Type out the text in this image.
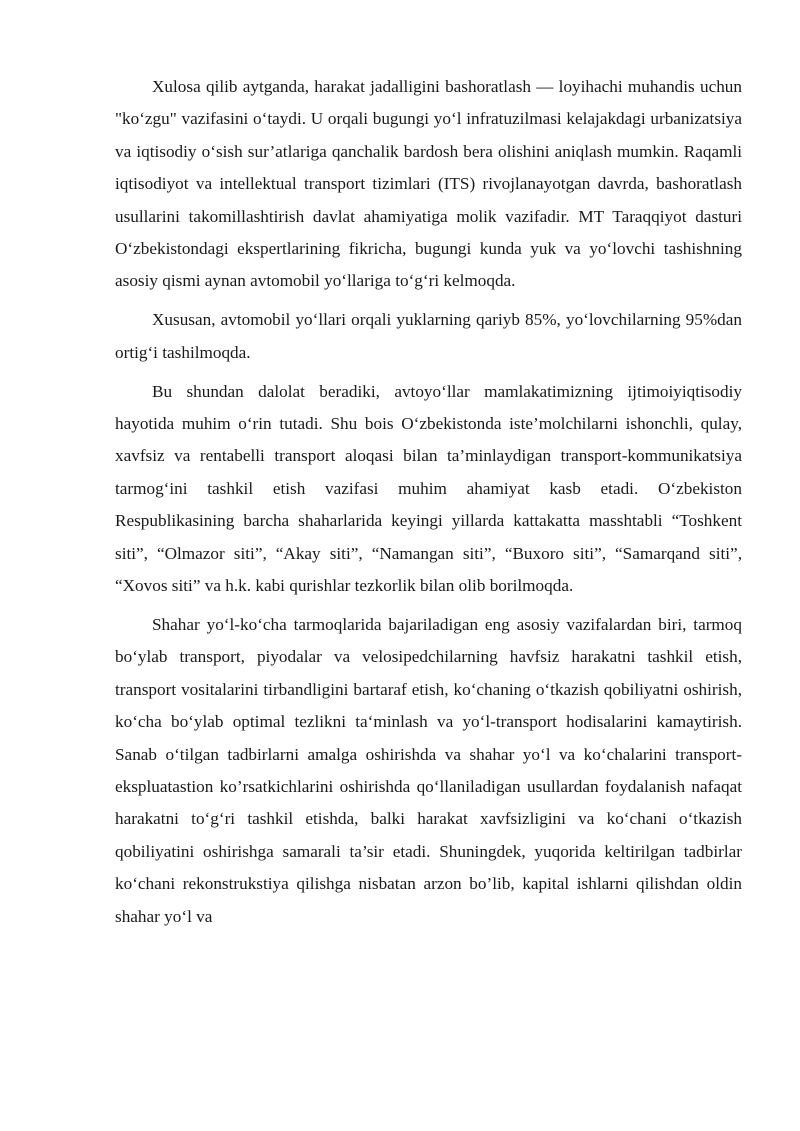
Xulosa qilib aytganda, harakat jadalligini bashoratlash — loyihachi muhandis uchun "ko‘zgu" vazifasini o‘taydi. U orqali bugungi yo‘l infratuzilmasi kelajakdagi urbanizatsiya va iqtisodiy o‘sish sur’atlariga qanchalik bardosh bera olishini aniqlash mumkin. Raqamli iqtisodiyot va intellektual transport tizimlari (ITS) rivojlanayotgan davrda, bashoratlash usullarini takomillashtirish davlat ahamiyatiga molik vazifadir. MT Taraqqiyot dasturi O‘zbekistondagi ekspertlarining fikricha, bugungi kunda yuk va yo‘lovchi tashishning asosiy qismi aynan avtomobil yo‘llariga to‘g‘ri kelmoqda.

Xususan, avtomobil yo‘llari orqali yuklarning qariyb 85%, yo‘lovchilarning 95%dan ortig‘i tashilmoqda.

Bu shundan dalolat beradiki, avtoyo‘llar mamlakatimizning ijtimoiyiqtisodiy hayotida muhim o‘rin tutadi. Shu bois O‘zbekistonda iste’molchilarni ishonchli, qulay, xavfsiz va rentabelli transport aloqasi bilan ta’minlaydigan transport-kommunikatsiya tarmog‘ini tashkil etish vazifasi muhim ahamiyat kasb etadi. O‘zbekiston Respublikasining barcha shaharlarida keyingi yillarda kattakatta masshtabli “Toshkent siti”, “Olmazor siti”, “Akay siti”, “Namangan siti”, “Buxoro siti”, “Samarqand siti”, “Xovos siti” va h.k. kabi qurishlar tezkorlik bilan olib borilmoqda.

Shahar yo‘l-ko‘cha tarmoqlarida bajariladigan eng asosiy vazifalardan biri, tarmoq bo‘ylab transport, piyodalar va velosipedchilarning havfsiz harakatni tashkil etish, transport vositalarini tirbandligini bartaraf etish, ko‘chaning o‘tkazish qobiliyatni oshirish, ko‘cha bo‘ylab optimal tezlikni ta‘minlash va yo‘l-transport hodisalarini kamaytirish. Sanab o‘tilgan tadbirlarni amalga oshirishda va shahar yo‘l va ko‘chalarini transport-ekspluatastion ko’rsatkichlarini oshirishda qo‘llaniladigan usullardan foydalanish nafaqat harakatni to‘g‘ri tashkil etishda, balki harakat xavfsizligini va ko‘chani o‘tkazish qobiliyatini oshirishga samarali ta’sir etadi. Shuningdek, yuqorida keltirilgan tadbirlar ko‘chani rekonstrukstiya qilishga nisbatan arzon bo’lib, kapital ishlarni qilishdan oldin shahar yo‘l va
